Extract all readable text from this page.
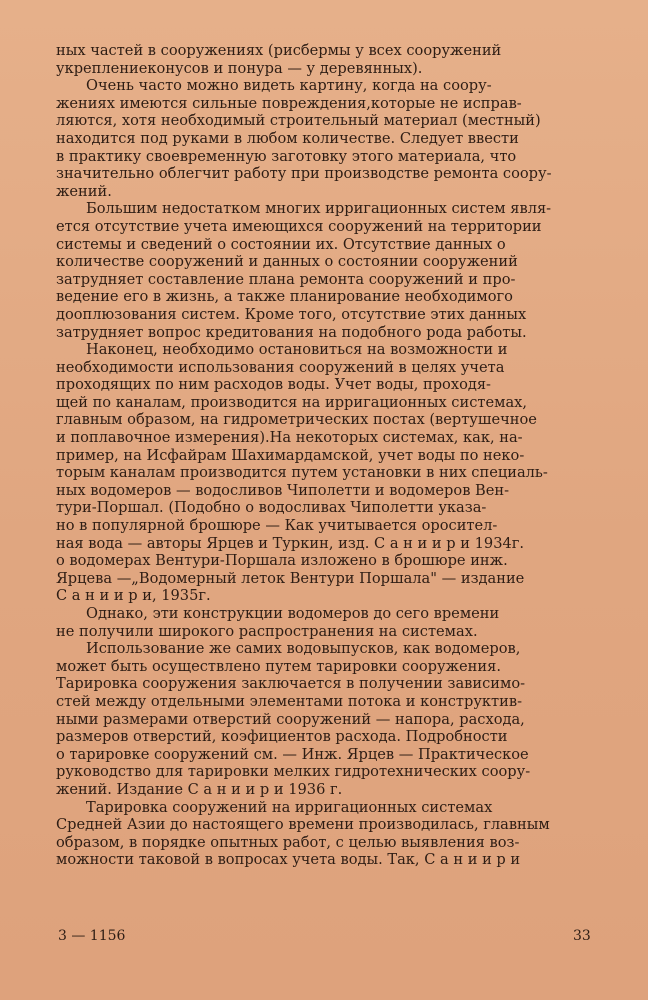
ных частей в сооружениях (рисбермы у всех сооружений
укреплениеконусов и понура — у деревянных).
Очень часто можно видеть картину, когда на соору-
жениях имеются сильные повреждения,которые не исправ-
ляются, хотя необходимый строительный материал (местный)
находится под руками в любом количестве. Следует ввести
в практику своевременную заготовку этого материала, что
значительно облегчит работу при производстве ремонта соору-
жений.
Большим недостатком многих ирригационных систем явля-
ется отсутствие учета имеющихся сооружений на территории
системы и сведений о состоянии их. Отсутствие данных о
количестве сооружений и данных о состоянии сооружений
затрудняет составление плана ремонта сооружений и про-
ведение его в жизнь, а также планирование необходимого
дооплюзования систем. Кроме того, отсутствие этих данных
затрудняет вопрос кредитования на подобного рода работы.
Наконец, необходимо остановиться на возможности и
необходимости использования сооружений в целях учета
проходящих по ним расходов воды. Учет воды, проходя-
щей по каналам, производится на ирригационных системах,
главным образом, на гидрометрических постах (вертушечное
и поплавочное измерения).На некоторых системах, как, на-
пример, на Исфайрам Шахимардамской, учет воды по неко-
торым каналам производится путем установки в них специаль-
ных водомеров — водосливов Чиполетти и водомеров Вен-
тури-Поршал. (Подобно о водосливах Чиполетти указа-
но в популярной брошюре — Как учитывается оросител-
ная вода — авторы Ярцев и Туркин, изд. С а н и и р и 1934г.
о водомерах Вентури-Поршала изложено в брошюре инж.
Ярцева —„Водомерный леток Вентури Поршала" — издание
С а н и и р и, 1935г.
Однако, эти конструкции водомеров до сего времени
не получили широкого распространения на системах.
Использование же самих водовыпусков, как водомеров,
может быть осуществлено путем тарировки сооружения.
Тарировка сооружения заключается в получении зависимо-
стей между отдельными элементами потока и конструктив-
ными размерами отверстий сооружений — напора, расхода,
размеров отверстий, коэфициентов расхода. Подробности
о тарировке сооружений см. — Инж. Ярцев — Практическое
руководство для тарировки мелких гидротехнических соору-
жений. Издание С а н и и р и 1936 г.
Тарировка сооружений на ирригационных системах
Средней Азии до настоящего времени производилась, главным
образом, в порядке опытных работ, с целью выявления воз-
можности таковой в вопросах учета воды. Так, С а н и и р и
3 — 1156	33
